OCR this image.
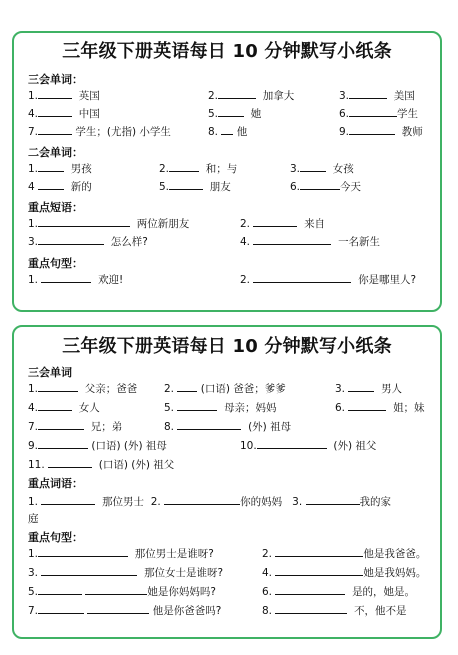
三年级下册英语每日 10 分钟默写小纸条
三会单词：
1.	英国	2.	加拿大	3.	美国
4.	中国	5.	她	6.	学生
7.	学生；(尤指) 小学生	8. 他	9.	教师
二会单词：
1.	男孩	2.	和；与	3.	女孩
4	新的	5.	朋友	6.	今天
重点短语：
1.	两位新朋友	2.	来自
3.	怎么样?	4.	一名新生
重点句型：
1.	欢迎!	2.	你是哪里人?
三年级下册英语每日 10 分钟默写小纸条
三会单词
1.	父亲；爸爸	2.	(口语) 爸爸；爹爹	3.	男人
4.	女人	5.	母亲；妈妈	6.	姐；妹
7.	兄；弟	8.	(外) 祖母
9.	(口语) (外) 祖母	10.	(外) 祖父
11.	(口语) (外) 祖父
重点词语：
1.	那位男士 2.	你的妈妈 3.	我的家
庭
重点句型：
1.	那位男士是谁呀?	2.	他是我爸爸。
3.	那位女士是谁呀?	4.	她是我妈妈。
5.	她是你妈妈吗?	6.	是的，她是。
7.	他是你爸爸吗?	8.	不，他不是
